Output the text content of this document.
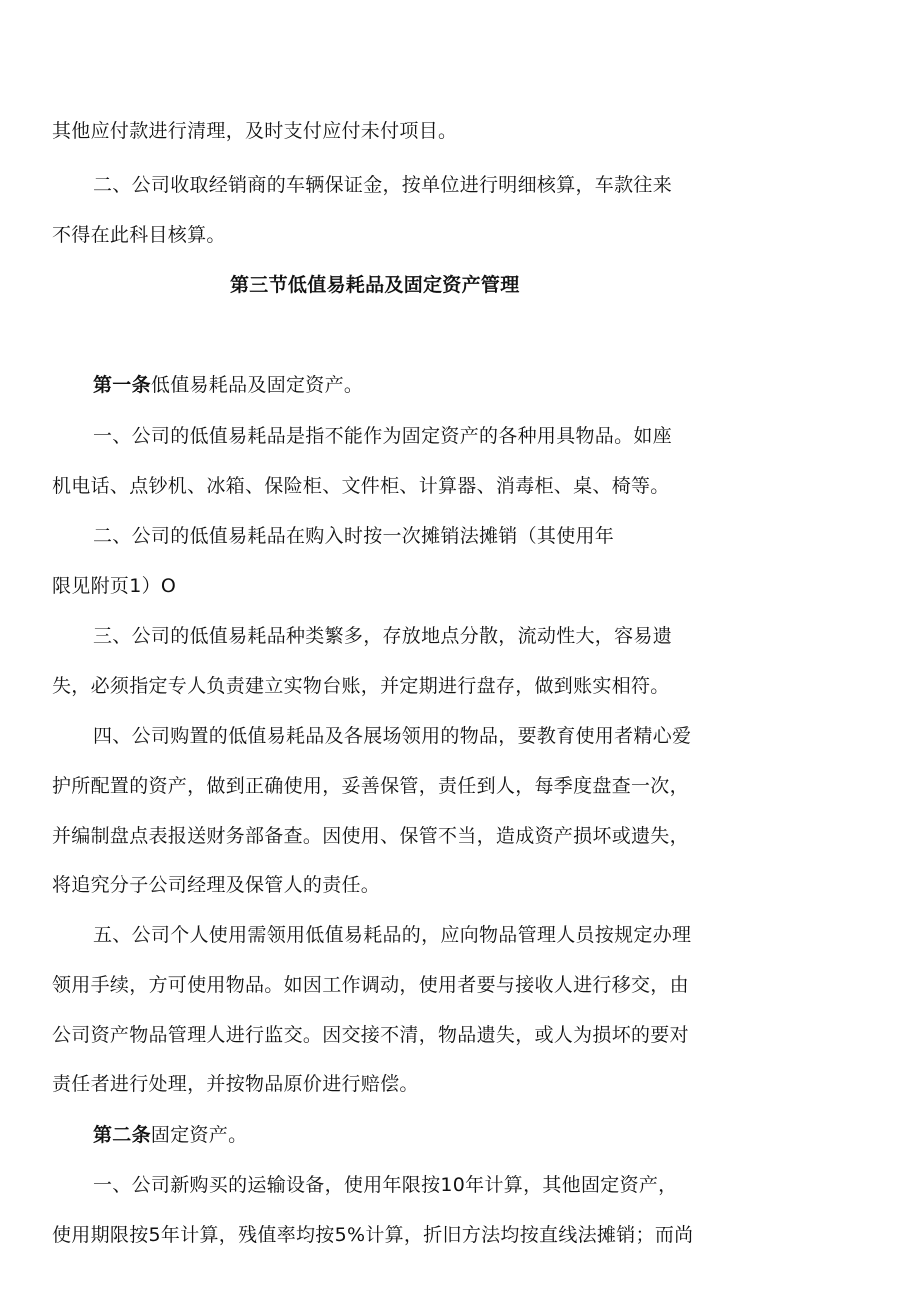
其他应付款进行清理，及时支付应付未付项目。
二、公司收取经销商的车辆保证金，按单位进行明细核算，车款往来
不得在此科目核算。
第三节低值易耗品及固定资产管理
第一条低值易耗品及固定资产。
一、公司的低值易耗品是指不能作为固定资产的各种用具物品。如座
机电话、点钞机、冰箱、保险柜、文件柜、计算器、消毒柜、桌、椅等。
二、公司的低值易耗品在购入时按一次摊销法摊销（其使用年
限见附页1）O
三、公司的低值易耗品种类繁多，存放地点分散，流动性大，容易遗
失，必须指定专人负责建立实物台账，并定期进行盘存，做到账实相符。
四、公司购置的低值易耗品及各展场领用的物品，要教育使用者精心爱
护所配置的资产，做到正确使用，妥善保管，责任到人，每季度盘查一次，
并编制盘点表报送财务部备查。因使用、保管不当，造成资产损坏或遗失，
将追究分子公司经理及保管人的责任。
五、公司个人使用需领用低值易耗品的，应向物品管理人员按规定办理
领用手续，方可使用物品。如因工作调动，使用者要与接收人进行移交，由
公司资产物品管理人进行监交。因交接不清，物品遗失，或人为损坏的要对
责任者进行处理，并按物品原价进行赔偿。
第二条固定资产。
一、公司新购买的运输设备，使用年限按10年计算，其他固定资产，
使用期限按5年计算，残值率均按5%计算，折旧方法均按直线法摊销；而尚
